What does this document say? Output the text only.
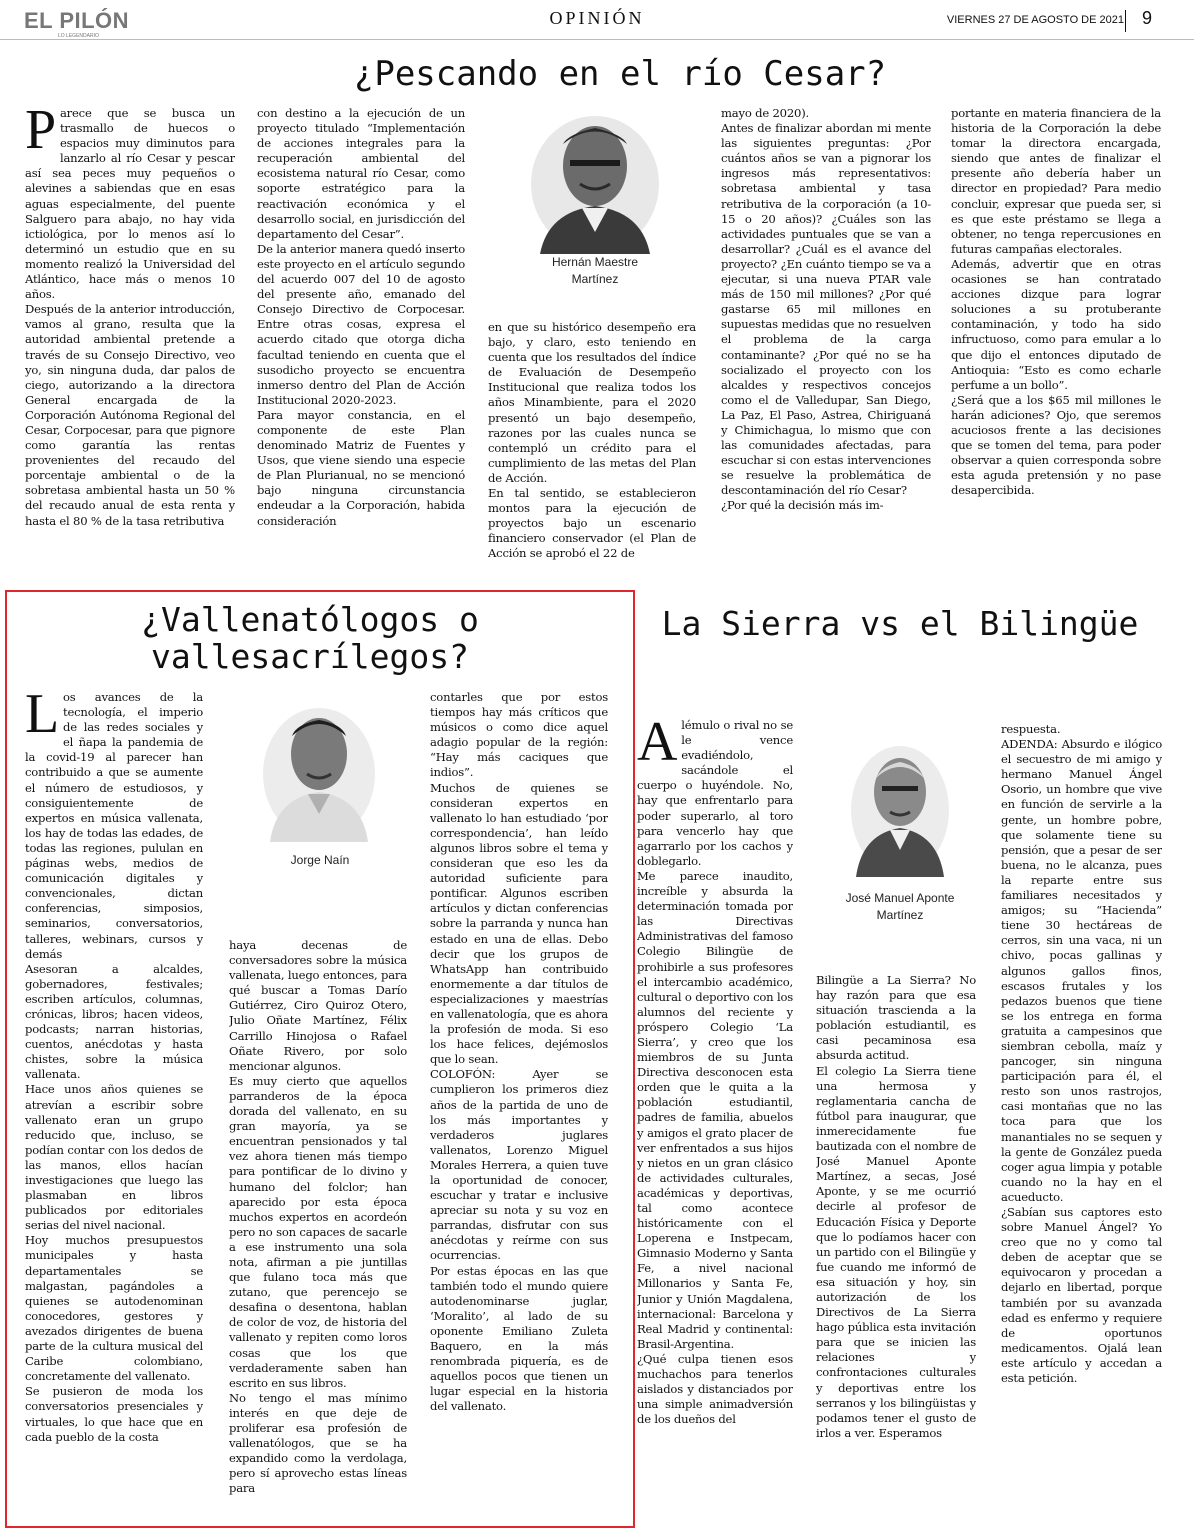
EL PILÓN
LO LEGENDARIO
OPINIÓN	VIERNES 27 DE AGOSTO DE 2021 9
¿Pescando en el río Cesar?
P arece que se busca un trasmallo de huecos o espacios muy diminutos para lanzarlo al río Cesar y pescar así sea peces muy pequeños o alevines a sabiendas que en esas aguas especialmente, del puente Salguero para abajo, no hay vida ictiológica, por lo menos así lo determinó un estudio que en su momento realizó la Universidad del Atlántico, hace más o menos 10 años.

Después de la anterior introducción, vamos al grano, resulta que la autoridad ambiental pretende a través de su Consejo Directivo, veo yo, sin ninguna duda, dar palos de ciego, autorizando a la directora General encargada de la Corporación Autónoma Regional del Cesar, Corpocesar, para que pignore como garantía las rentas provenientes del recaudo del porcentaje ambiental o de la sobretasa ambiental hasta un 50 % del recaudo anual de esta renta y hasta el 80 % de la tasa retributiva

con destino a la ejecución de un proyecto titulado “Implementación de acciones integrales para la recuperación ambiental del ecosistema natural río Cesar, como soporte estratégico para la reactivación económica y el desarrollo social, en jurisdicción del departamento del Cesar”.

De la anterior manera quedó inserto este proyecto en el artículo segundo del acuerdo 007 del 10 de agosto del presente año, emanado del Consejo Directivo de Corpocesar. Entre otras cosas, expresa el acuerdo citado que otorga dicha facultad teniendo en cuenta que el susodicho proyecto se encuentra inmerso dentro del Plan de Acción Institucional 2020-2023.

Para mayor constancia, en el componente de este Plan denominado Matriz de Fuentes y Usos, que viene siendo una especie de Plan Plurianual, no se mencionó bajo ninguna circunstancia endeudar a la Corporación, habida consideración

Hernán Maestre
Martínez

en que su histórico desempeño era bajo, y claro, esto teniendo en cuenta que los resultados del índice de Evaluación de Desempeño Institucional que realiza todos los años Minambiente, para el 2020 presentó un bajo desempeño, razones por las cuales nunca se contempló un crédito para el cumplimiento de las metas del Plan de Acción.

En tal sentido, se establecieron montos para la ejecución de proyectos bajo un escenario financiero conservador (el Plan de Acción se aprobó el 22 de

mayo de 2020).

Antes de finalizar abordan mi mente las siguientes preguntas: ¿Por cuántos años se van a pignorar los ingresos más representativos: sobretasa ambiental y tasa retributiva de la corporación (a 10-15 o 20 años)? ¿Cuáles son las actividades puntuales que se van a desarrollar? ¿Cuál es el avance del proyecto? ¿En cuánto tiempo se va a ejecutar, si una nueva PTAR vale más de 150 mil millones? ¿Por qué gastarse 65 mil millones en supuestas medidas que no resuelven el problema de la carga contaminante? ¿Por qué no se ha socializado el proyecto con los alcaldes y respectivos concejos como el de Valledupar, San Diego, La Paz, El Paso, Astrea, Chiriguaná y Chimichagua, lo mismo que con las comunidades afectadas, para escuchar si con estas intervenciones se resuelve la problemática de descontaminación del río Cesar?

¿Por qué la decisión más im-

portante en materia financiera de la historia de la Corporación la debe tomar la directora encargada, siendo que antes de finalizar el presente año debería haber un director en propiedad? Para medio concluir, expresar que pueda ser, si es que este préstamo se llega a obtener, no tenga repercusiones en futuras campañas electorales.

Además, advertir que en otras ocasiones se han contratado acciones dizque para lograr soluciones a su protuberante contaminación, y todo ha sido infructuoso, como para emular a lo que dijo el entonces diputado de Antioquia: “Esto es como echarle perfume a un bollo”.

¿Será que a los $65 mil millones le harán adiciones? Ojo, que seremos acuciosos frente a las decisiones que se tomen del tema, para poder observar a quien corresponda sobre esta aguda pretensión y no pase desapercibida.

¿Vallenatólogos o
vallesacrílegos?
L os avances de la tecnología, el imperio de las redes sociales y el ñapa la pandemia de la covid-19 al parecer han contribuido a que se aumente el número de estudiosos, y consiguientemente de expertos en música vallenata, los hay de todas las edades, de todas las regiones, pululan en páginas webs, medios de comunicación digitales y convencionales, dictan conferencias, simposios, seminarios, conversatorios, talleres, webinars, cursos y demás

Asesoran a alcaldes, gobernadores, festivales; escriben artículos, columnas, crónicas, libros; hacen videos, podcasts; narran historias, cuentos, anécdotas y hasta chistes, sobre la música vallenata.

Hace unos años quienes se atrevían a escribir sobre vallenato eran un grupo reducido que, incluso, se podían contar con los dedos de las manos, ellos hacían investigaciones que luego las plasmaban en libros publicados por editoriales serias del nivel nacional.

Hoy muchos presupuestos municipales y hasta departamentales se malgastan, pagándoles a quienes se autodenominan conocedores, gestores y avezados dirigentes de buena parte de la cultura musical del Caribe colombiano, concretamente del vallenato.

Se pusieron de moda los conversatorios presenciales y virtuales, lo que hace que en cada pueblo de la costa

Jorge Naín

haya decenas de conversadores sobre la música vallenata, luego entonces, para qué buscar a Tomas Darío Gutiérrez, Ciro Quiroz Otero, Julio Oñate Martínez, Félix Carrillo Hinojosa o Rafael Oñate Rivero, por solo mencionar algunos.

Es muy cierto que aquellos parranderos de la época dorada del vallenato, en su gran mayoría, ya se encuentran pensionados y tal vez ahora tienen más tiempo para pontificar de lo divino y humano del folclor; han aparecido por esta época muchos expertos en acordeón pero no son capaces de sacarle a ese instrumento una sola nota, afirman a pie juntillas que fulano toca más que zutano, que perencejo se desafina o desentona, hablan de color de voz, de historia del vallenato y repiten como loros cosas que los que verdaderamente saben han escrito en sus libros.

No tengo el mas mínimo interés en que deje de proliferar esa profesión de vallenatólogos, que se ha expandido como la verdolaga, pero sí aprovecho estas líneas para

contarles que por estos tiempos hay más críticos que músicos o como dice aquel adagio popular de la región: “Hay más caciques que indios”.

Muchos de quienes se consideran expertos en vallenato lo han estudiado ‘por correspondencia’, han leído algunos libros sobre el tema y consideran que eso les da autoridad suficiente para pontificar. Algunos escriben artículos y dictan conferencias sobre la parranda y nunca han estado en una de ellas. Debo decir que los grupos de WhatsApp han contribuido enormemente a dar títulos de especializaciones y maestrías en vallenatología, que es ahora la profesión de moda. Si eso los hace felices, dejémoslos que lo sean.

COLOFÓN: Ayer se cumplieron los primeros diez años de la partida de uno de los más importantes y verdaderos juglares vallenatos, Lorenzo Miguel Morales Herrera, a quien tuve la oportunidad de conocer, escuchar y tratar e inclusive apreciar su nota y su voz en parrandas, disfrutar con sus anécdotas y reírme con sus ocurrencias.

Por estas épocas en las que también todo el mundo quiere autodenominarse juglar, ‘Moralito’, al lado de su oponente Emiliano Zuleta Baquero, en la más renombrada piquería, es de aquellos pocos que tienen un lugar especial en la historia del vallenato.

La Sierra vs el Bilingüe
A lémulo o rival no se le vence evadiéndolo, sacándole el cuerpo o huyéndole. No, hay que enfrentarlo para poder superarlo, al toro para vencerlo hay que agarrarlo por los cachos y doblegarlo.

Me parece inaudito, increíble y absurda la determinación tomada por las Directivas Administrativas del famoso Colegio Bilingüe de prohibirle a sus profesores el intercambio académico, cultural o deportivo con los alumnos del reciente y próspero Colegio ‘La Sierra’, y creo que los miembros de su Junta Directiva desconocen esta orden que le quita a la población estudiantil, padres de familia, abuelos y amigos el grato placer de ver enfrentados a sus hijos y nietos en un gran clásico de actividades culturales, académicas y deportivas, tal como acontece históricamente con el Loperena e Instpecam, Gimnasio Moderno y Santa Fe, a nivel nacional Millonarios y Santa Fe, Junior y Unión Magdalena, internacional: Barcelona y Real Madrid y continental: Brasil-Argentina.

¿Qué culpa tienen esos muchachos para tenerlos aislados y distanciados por una simple animadversión de los dueños del

José Manuel Aponte
Martínez

Bilingüe a La Sierra? No hay razón para que esa situación trascienda a la población estudiantil, es casi pecaminosa esa absurda actitud.

El colegio La Sierra tiene una hermosa y reglamentaria cancha de fútbol para inaugurar, que inmerecidamente fue bautizada con el nombre de José Manuel Aponte Martínez, a secas, José Aponte, y se me ocurrió decirle al profesor de Educación Física y Deporte que lo podíamos hacer con un partido con el Bilingüe y fue cuando me informó de esa situación y hoy, sin autorización de los Directivos de La Sierra hago pública esta invitación para que se inicien las relaciones y confrontaciones culturales y deportivas entre los serranos y los bilingüistas y podamos tener el gusto de irlos a ver. Esperamos

respuesta.

ADENDA: Absurdo e ilógico el secuestro de mi amigo y hermano Manuel Ángel Osorio, un hombre que vive en función de servirle a la gente, un hombre pobre, que solamente tiene su pensión, que a pesar de ser buena, no le alcanza, pues la reparte entre sus familiares necesitados y amigos; su “Hacienda” tiene 30 hectáreas de cerros, sin una vaca, ni un chivo, pocas gallinas y algunos gallos finos, escasos frutales y los pedazos buenos que tiene se los entrega en forma gratuita a campesinos que siembran cebolla, maíz y pancoger, sin ninguna participación para él, el resto son unos rastrojos, casi montañas que no las toca para que los manantiales no se sequen y la gente de González pueda coger agua limpia y potable cuando no la hay en el acueducto.

¿Sabían sus captores esto sobre Manuel Ángel? Yo creo que no y como tal deben de aceptar que se equivocaron y procedan a dejarlo en libertad, porque también por su avanzada edad es enfermo y requiere de oportunos medicamentos. Ojalá lean este artículo y accedan a esta petición.
